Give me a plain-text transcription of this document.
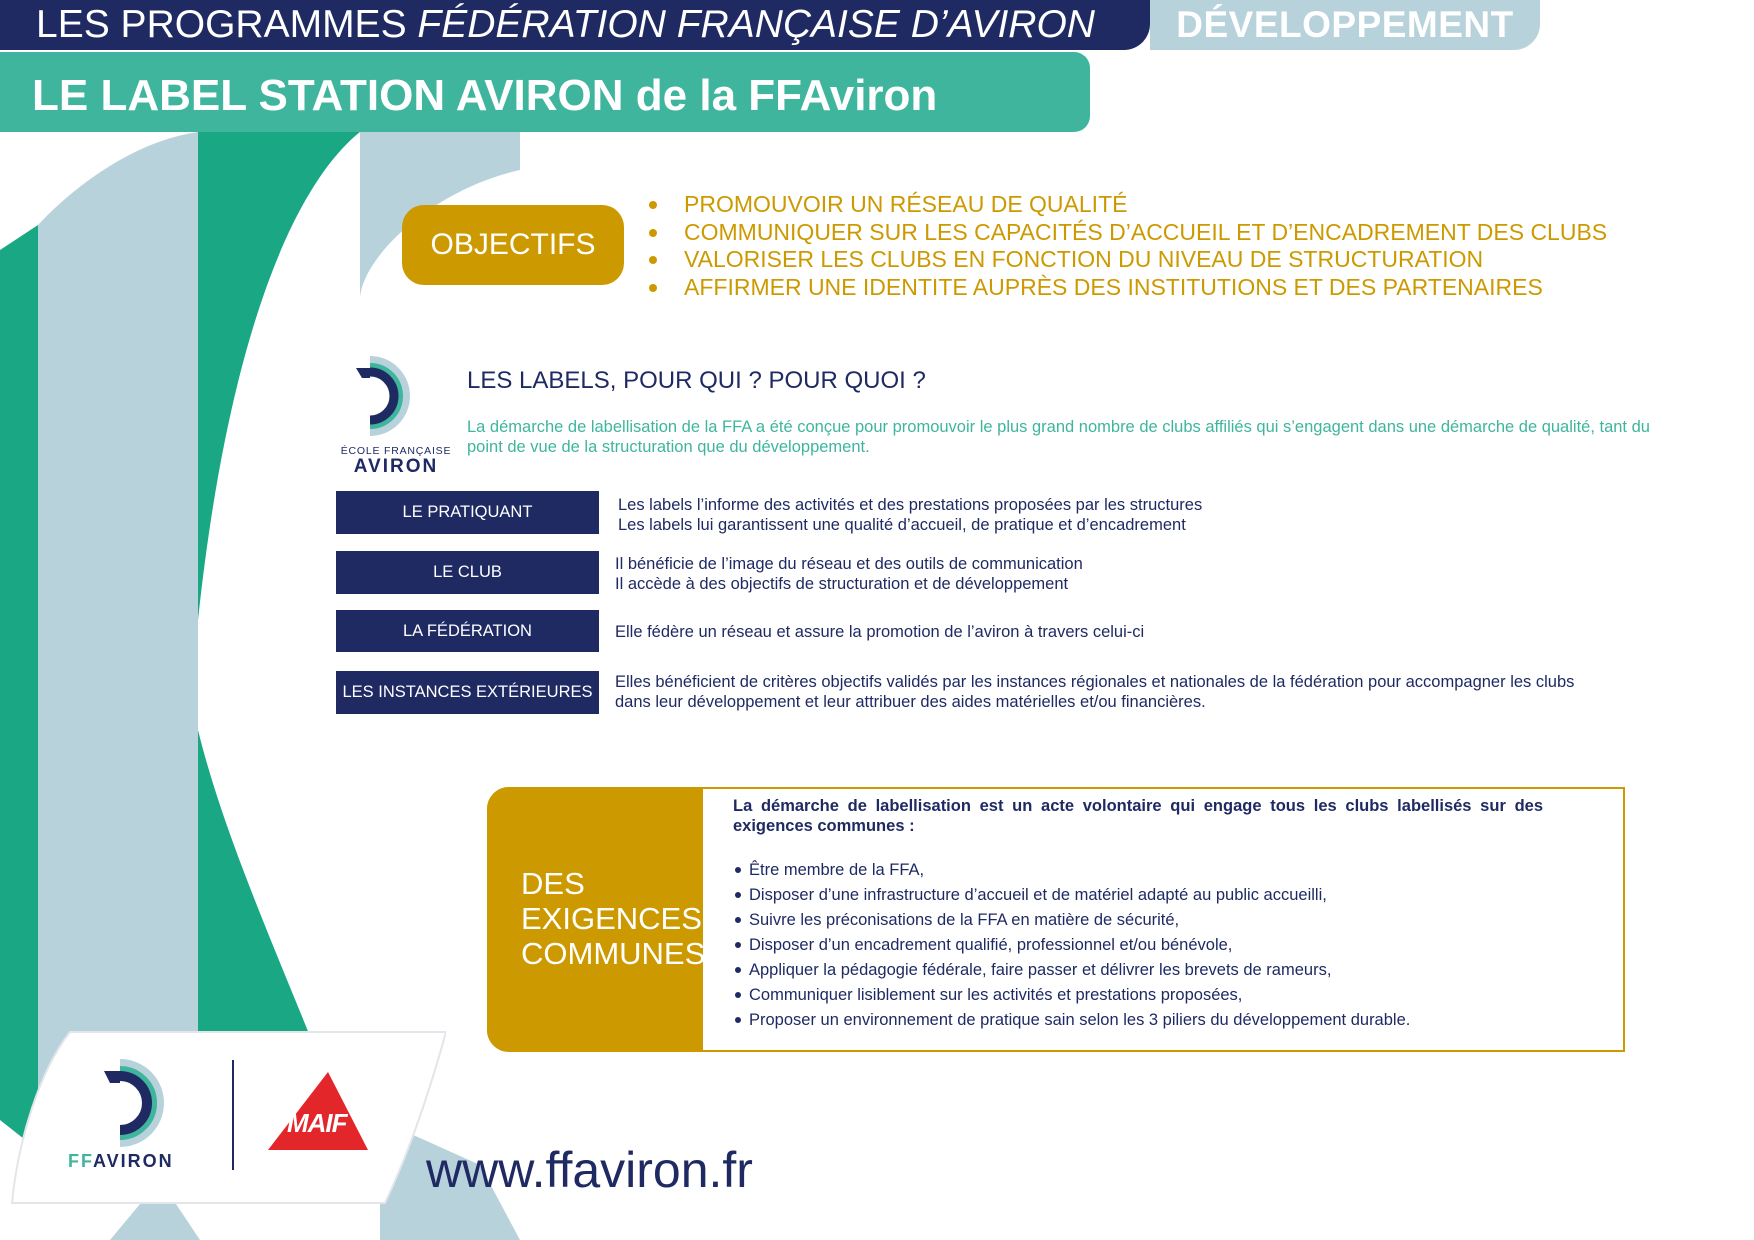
LES PROGRAMMES FÉDÉRATION FRANÇAISE D’AVIRON	DÉVELOPPEMENT
LE LABEL STATION AVIRON de la FFAviron
OBJECTIFS
PROMOUVOIR UN RÉSEAU DE QUALITÉ
COMMUNIQUER SUR LES CAPACITÉS D’ACCUEIL ET D’ENCADREMENT DES CLUBS
VALORISER LES CLUBS EN FONCTION DU NIVEAU DE STRUCTURATION
AFFIRMER UNE IDENTITE AUPRÈS DES INSTITUTIONS ET DES PARTENAIRES
ÉCOLE FRANÇAISE
AVIRON
LES LABELS, POUR QUI ? POUR QUOI ?
La démarche de labellisation de la FFA a été conçue pour promouvoir le plus grand nombre de clubs affiliés qui s’engagent dans une démarche de qualité, tant du point de vue de la structuration que du développement.
LE PRATIQUANT	Les labels l’informe des activités et des prestations proposées par les structures
Les labels lui garantissent une qualité d’accueil, de pratique et d’encadrement
LE CLUB	Il bénéficie de l’image du réseau et des outils de communication
Il accède à des objectifs de structuration et de développement
LA FÉDÉRATION	Elle fédère un réseau et assure la promotion de l’aviron à travers celui-ci
LES INSTANCES EXTÉRIEURES
Elles bénéficient de critères objectifs validés par les instances régionales et nationales de la fédération pour accompagner les clubs
dans leur développement et leur attribuer des aides matérielles et/ou financières.
DES
EXIGENCES
COMMUNES
La démarche de labellisation est un acte volontaire qui engage tous les clubs labellisés sur des exigences communes :
Être membre de la FFA,
Disposer d’une infrastructure d’accueil et de matériel adapté au public accueilli,
Suivre les préconisations de la FFA en matière de sécurité,
Disposer d’un encadrement qualifié, professionnel et/ou bénévole,
Appliquer la pédagogie fédérale, faire passer et délivrer les brevets de rameurs,
Communiquer lisiblement sur les activités et prestations proposées,
Proposer un environnement de pratique sain selon les 3 piliers du développement durable.
FFAVIRON
MAIF
www.ffaviron.fr
